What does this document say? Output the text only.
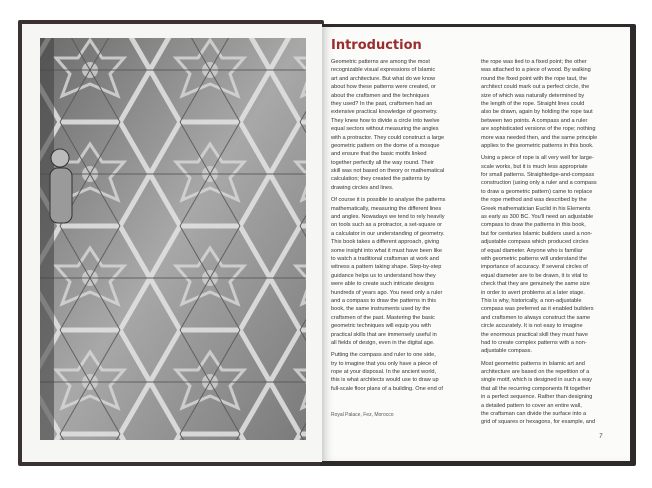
Royal Palace, Fez, Morocco
Introduction
Geometric patterns are among the most
recognizable visual expressions of Islamic
art and architecture. But what do we know
about how these patterns were created, or
about the craftsmen and the techniques
they used? In the past, craftsmen had an
extensive practical knowledge of geometry.
They knew how to divide a circle into twelve
equal sectors without measuring the angles
with a protractor. They could construct a large
geometric pattern on the dome of a mosque
and ensure that the basic motifs linked
together perfectly all the way round. Their
skill was not based on theory or mathematical
calculation; they created the patterns by
drawing circles and lines.
Of course it is possible to analyse the patterns
mathematically, measuring the different lines
and angles. Nowadays we tend to rely heavily
on tools such as a protractor, a set-square or
a calculator in our understanding of geometry.
This book takes a different approach, giving
some insight into what it must have been like
to watch a traditional craftsman at work and
witness a pattern taking shape. Step-by-step
guidance helps us to understand how they
were able to create such intricate designs
hundreds of years ago. You need only a ruler
and a compass to draw the patterns in this
book, the same instruments used by the
craftsmen of the past. Mastering the basic
geometric techniques will equip you with
practical skills that are immensely useful in
all fields of design, even in the digital age.
Putting the compass and ruler to one side,
try to imagine that you only have a piece of
rope at your disposal. In the ancient world,
this is what architects would use to draw up
full-scale floor plans of a building. One end of
the rope was tied to a fixed point; the other
was attached to a piece of wood. By walking
round the fixed point with the rope taut, the
architect could mark out a perfect circle, the
size of which was naturally determined by
the length of the rope. Straight lines could
also be drawn, again by holding the rope taut
between two points. A compass and a ruler
are sophisticated versions of the rope; nothing
more was needed then, and the same principle
applies to the geometric patterns in this book.
Using a piece of rope is all very well for large-
scale works, but it is much less appropriate
for small patterns. Straightedge-and-compass
construction (using only a ruler and a compass
to draw a geometric pattern) came to replace
the rope method and was described by the
Greek mathematician Euclid in his Elements
as early as 300 BC. You'll need an adjustable
compass to draw the patterns in this book,
but for centuries Islamic builders used a non-
adjustable compass which produced circles
of equal diameter. Anyone who is familiar
with geometric patterns will understand the
importance of accuracy. If several circles of
equal diameter are to be drawn, it is vital to
check that they are genuinely the same size
in order to avert problems at a later stage.
This is why, historically, a non-adjustable
compass was preferred as it enabled builders
and craftsmen to always construct the same
circle accurately. It is not easy to imagine
the enormous practical skill they must have
had to create complex patterns with a non-
adjustable compass.
Most geometric patterns in Islamic art and
architecture are based on the repetition of a
single motif, which is designed in such a way
that all the recurring components fit together
in a perfect sequence. Rather than designing
a detailed pattern to cover an entire wall,
the craftsman can divide the surface into a
grid of squares or hexagons, for example, and
7
